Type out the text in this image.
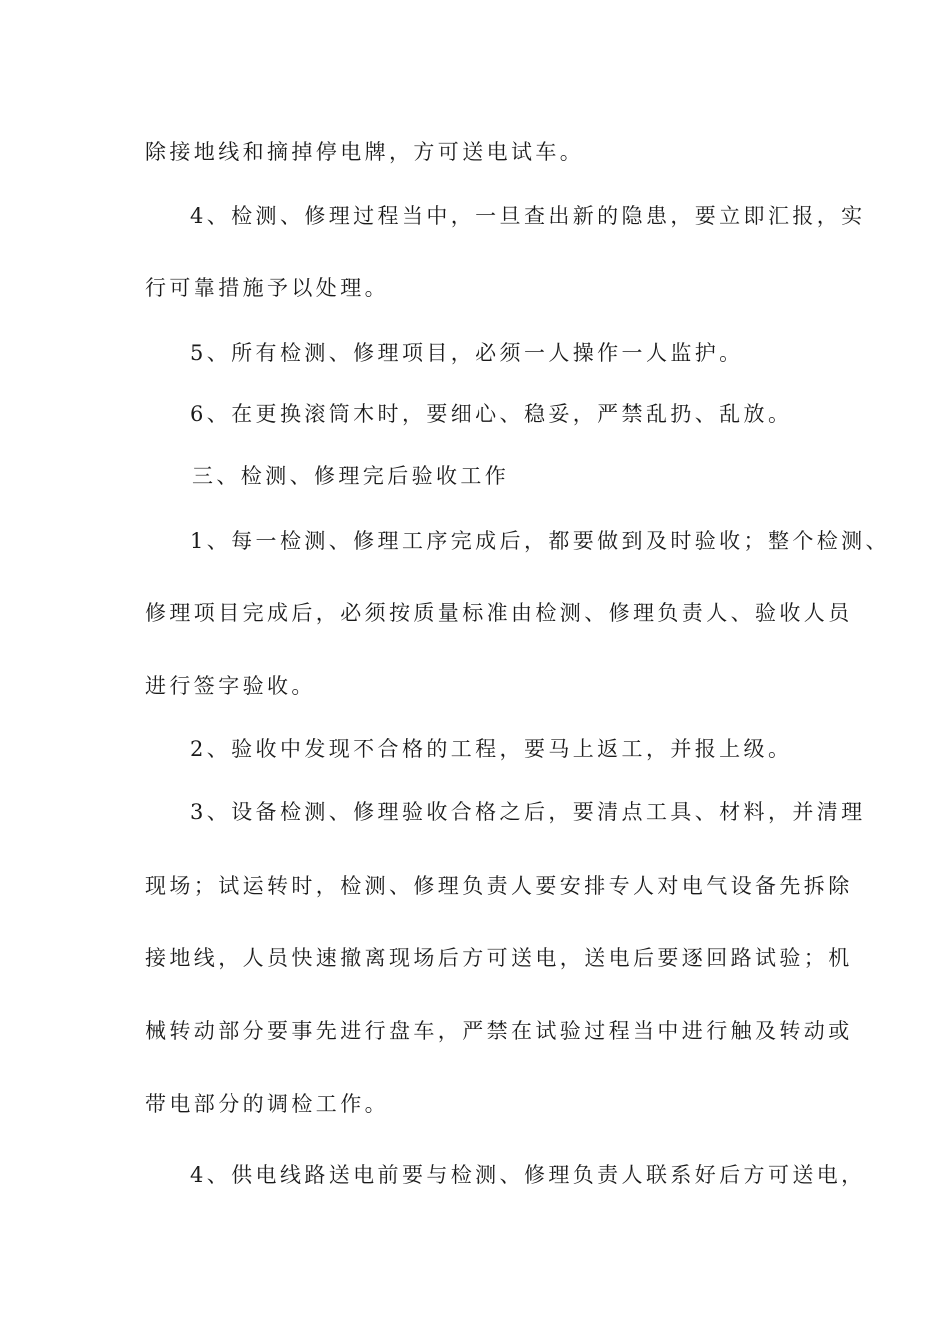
除接地线和摘掉停电牌，方可送电试车。
4、检测、修理过程当中，一旦查出新的隐患，要立即汇报，实
行可靠措施予以处理。
5、所有检测、修理项目，必须一人操作一人监护。
6、在更换滚筒木时，要细心、稳妥，严禁乱扔、乱放。
三、检测、修理完后验收工作
1、每一检测、修理工序完成后，都要做到及时验收；整个检测、
修理项目完成后，必须按质量标准由检测、修理负责人、验收人员
进行签字验收。
2、验收中发现不合格的工程，要马上返工，并报上级。
3、设备检测、修理验收合格之后，要清点工具、材料，并清理
现场；试运转时，检测、修理负责人要安排专人对电气设备先拆除
接地线，人员快速撤离现场后方可送电，送电后要逐回路试验；机
械转动部分要事先进行盘车，严禁在试验过程当中进行触及转动或
带电部分的调检工作。
4、供电线路送电前要与检测、修理负责人联系好后方可送电，
